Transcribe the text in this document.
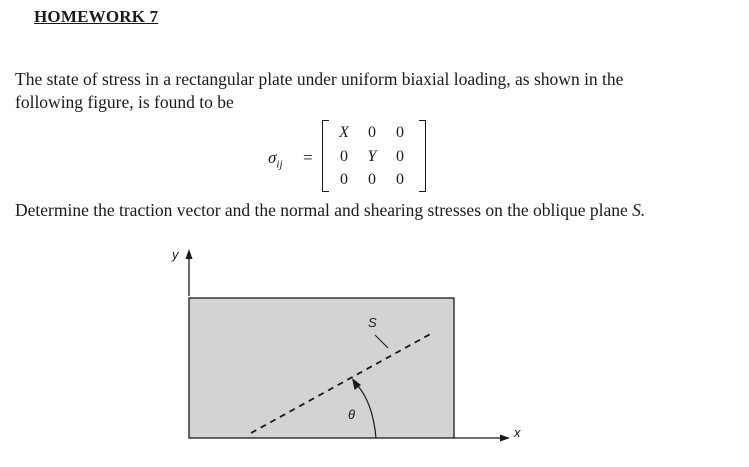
HOMEWORK 7
The state of stress in a rectangular plate under uniform biaxial loading, as shown in the
following figure, is found to be
$\sigma_{ij}$ =
X 0 0
0 Y 0
0 0 0
Determine the traction vector and the normal and shearing stresses on the oblique plane S.
y
x
S
θ
